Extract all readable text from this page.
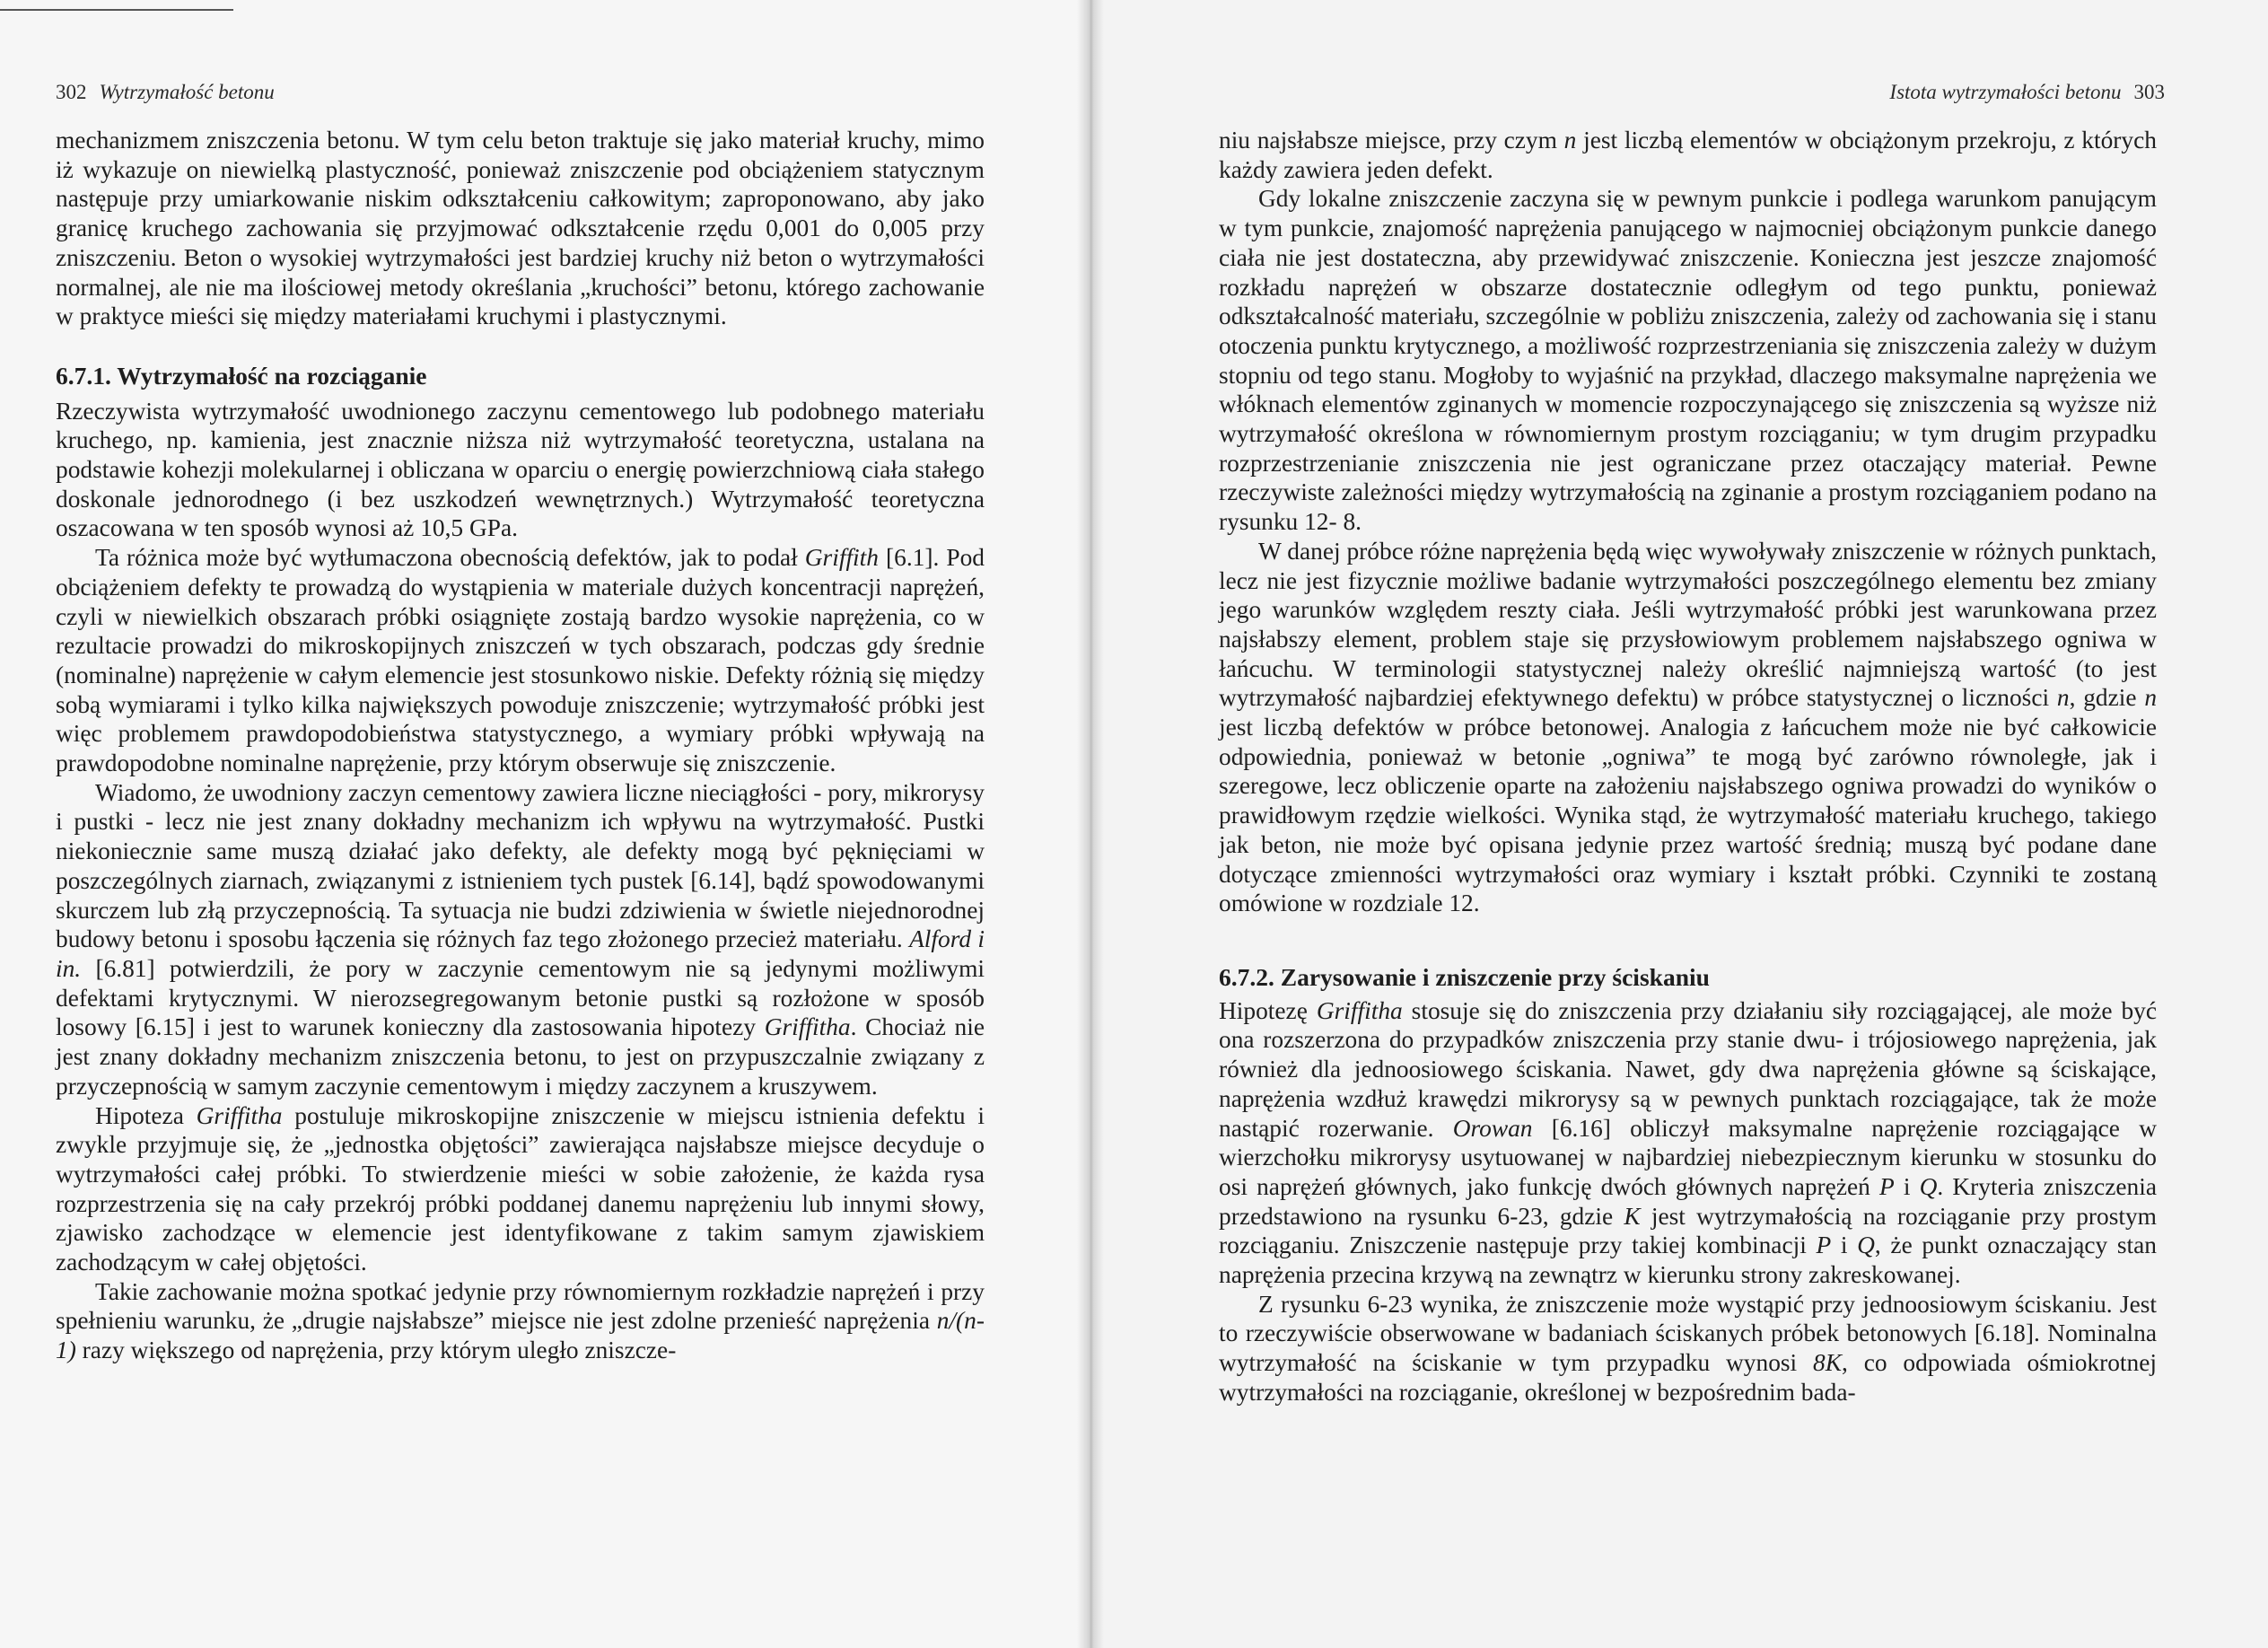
302 Wytrzymałość betonu

mechanizmem zniszczenia betonu. W tym celu beton traktuje się jako materiał kruchy, mimo iż wykazuje on niewielką plastyczność, ponieważ zniszczenie pod obciążeniem statycznym następuje przy umiarkowanie niskim odkształceniu całkowitym; zaproponowano, aby jako granicę kruchego zachowania się przyjmować odkształcenie rzędu 0,001 do 0,005 przy zniszczeniu. Beton o wysokiej wytrzymałości jest bardziej kruchy niż beton o wytrzymałości normalnej, ale nie ma ilościowej metody określania „kruchości” betonu, którego zachowanie w praktyce mieści się między materiałami kruchymi i plastycznymi.

6.7.1. Wytrzymałość na rozciąganie

Rzeczywista wytrzymałość uwodnionego zaczynu cementowego lub podobnego materiału kruchego, np. kamienia, jest znacznie niższa niż wytrzymałość teoretyczna, ustalana na podstawie kohezji molekularnej i obliczana w oparciu o energię powierzchniową ciała stałego doskonale jednorodnego (i bez uszkodzeń wewnętrznych.) Wytrzymałość teoretyczna oszacowana w ten sposób wynosi aż 10,5 GPa.

Ta różnica może być wytłumaczona obecnością defektów, jak to podał Griffith [6.1]. Pod obciążeniem defekty te prowadzą do wystąpienia w materiale dużych koncentracji naprężeń, czyli w niewielkich obszarach próbki osiągnięte zostają bardzo wysokie naprężenia, co w rezultacie prowadzi do mikroskopijnych zniszczeń w tych obszarach, podczas gdy średnie (nominalne) naprężenie w całym elemencie jest stosunkowo niskie. Defekty różnią się między sobą wymiarami i tylko kilka największych powoduje zniszczenie; wytrzymałość próbki jest więc problemem prawdopodobieństwa statystycznego, a wymiary próbki wpływają na prawdopodobne nominalne naprężenie, przy którym obserwuje się zniszczenie.

Wiadomo, że uwodniony zaczyn cementowy zawiera liczne nieciągłości - pory, mikrorysy i pustki - lecz nie jest znany dokładny mechanizm ich wpływu na wytrzymałość. Pustki niekoniecznie same muszą działać jako defekty, ale defekty mogą być pęknięciami w poszczególnych ziarnach, związanymi z istnieniem tych pustek [6.14], bądź spowodowanymi skurczem lub złą przyczepnością. Ta sytuacja nie budzi zdziwienia w świetle niejednorodnej budowy betonu i sposobu łączenia się różnych faz tego złożonego przecież materiału. Alford i in. [6.81] potwierdzili, że pory w zaczynie cementowym nie są jedynymi możliwymi defektami krytycznymi. W nierozsegregowanym betonie pustki są rozłożone w sposób losowy [6.15] i jest to warunek konieczny dla zastosowania hipotezy Griffitha. Chociaż nie jest znany dokładny mechanizm zniszczenia betonu, to jest on przypuszczalnie związany z przyczepnością w samym zaczynie cementowym i między zaczynem a kruszywem.

Hipoteza Griffitha postuluje mikroskopijne zniszczenie w miejscu istnienia defektu i zwykle przyjmuje się, że „jednostka objętości” zawierająca najsłabsze miejsce decyduje o wytrzymałości całej próbki. To stwierdzenie mieści w sobie założenie, że każda rysa rozprzestrzenia się na cały przekrój próbki poddanej danemu naprężeniu lub innymi słowy, zjawisko zachodzące w elemencie jest identyfikowane z takim samym zjawiskiem zachodzącym w całej objętości.

Takie zachowanie można spotkać jedynie przy równomiernym rozkładzie naprężeń i przy spełnieniu warunku, że „drugie najsłabsze” miejsce nie jest zdolne przenieść naprężenia n/(n-1) razy większego od naprężenia, przy którym uległo zniszcze-

Istota wytrzymałości betonu 303

niu najsłabsze miejsce, przy czym n jest liczbą elementów w obciążonym przekroju, z których każdy zawiera jeden defekt.

Gdy lokalne zniszczenie zaczyna się w pewnym punkcie i podlega warunkom panującym w tym punkcie, znajomość naprężenia panującego w najmocniej obciążonym punkcie danego ciała nie jest dostateczna, aby przewidywać zniszczenie. Konieczna jest jeszcze znajomość rozkładu naprężeń w obszarze dostatecznie odległym od tego punktu, ponieważ odkształcalność materiału, szczególnie w pobliżu zniszczenia, zależy od zachowania się i stanu otoczenia punktu krytycznego, a możliwość rozprzestrzeniania się zniszczenia zależy w dużym stopniu od tego stanu. Mogłoby to wyjaśnić na przykład, dlaczego maksymalne naprężenia we włóknach elementów zginanych w momencie rozpoczynającego się zniszczenia są wyższe niż wytrzymałość określona w równomiernym prostym rozciąganiu; w tym drugim przypadku rozprzestrzenianie zniszczenia nie jest ograniczane przez otaczający materiał. Pewne rzeczywiste zależności między wytrzymałością na zginanie a prostym rozciąganiem podano na rysunku 12- 8.

W danej próbce różne naprężenia będą więc wywoływały zniszczenie w różnych punktach, lecz nie jest fizycznie możliwe badanie wytrzymałości poszczególnego elementu bez zmiany jego warunków względem reszty ciała. Jeśli wytrzymałość próbki jest warunkowana przez najsłabszy element, problem staje się przysłowiowym problemem najsłabszego ogniwa w łańcuchu. W terminologii statystycznej należy określić najmniejszą wartość (to jest wytrzymałość najbardziej efektywnego defektu) w próbce statystycznej o liczności n, gdzie n jest liczbą defektów w próbce betonowej. Analogia z łańcuchem może nie być całkowicie odpowiednia, ponieważ w betonie „ogniwa” te mogą być zarówno równoległe, jak i szeregowe, lecz obliczenie oparte na założeniu najsłabszego ogniwa prowadzi do wyników o prawidłowym rzędzie wielkości. Wynika stąd, że wytrzymałość materiału kruchego, takiego jak beton, nie może być opisana jedynie przez wartość średnią; muszą być podane dane dotyczące zmienności wytrzymałości oraz wymiary i kształt próbki. Czynniki te zostaną omówione w rozdziale 12.

6.7.2. Zarysowanie i zniszczenie przy ściskaniu

Hipotezę Griffitha stosuje się do zniszczenia przy działaniu siły rozciągającej, ale może być ona rozszerzona do przypadków zniszczenia przy stanie dwu- i trójosiowego naprężenia, jak również dla jednoosiowego ściskania. Nawet, gdy dwa naprężenia główne są ściskające, naprężenia wzdłuż krawędzi mikrorysy są w pewnych punktach rozciągające, tak że może nastąpić rozerwanie. Orowan [6.16] obliczył maksymalne naprężenie rozciągające w wierzchołku mikrorysy usytuowanej w najbardziej niebezpiecznym kierunku w stosunku do osi naprężeń głównych, jako funkcję dwóch głównych naprężeń P i Q. Kryteria zniszczenia przedstawiono na rysunku 6-23, gdzie K jest wytrzymałością na rozciąganie przy prostym rozciąganiu. Zniszczenie następuje przy takiej kombinacji P i Q, że punkt oznaczający stan naprężenia przecina krzywą na zewnątrz w kierunku strony zakreskowanej.

Z rysunku 6-23 wynika, że zniszczenie może wystąpić przy jednoosiowym ściskaniu. Jest to rzeczywiście obserwowane w badaniach ściskanych próbek betonowych [6.18]. Nominalna wytrzymałość na ściskanie w tym przypadku wynosi 8K, co odpowiada ośmiokrotnej wytrzymałości na rozciąganie, określonej w bezpośrednim bada-
